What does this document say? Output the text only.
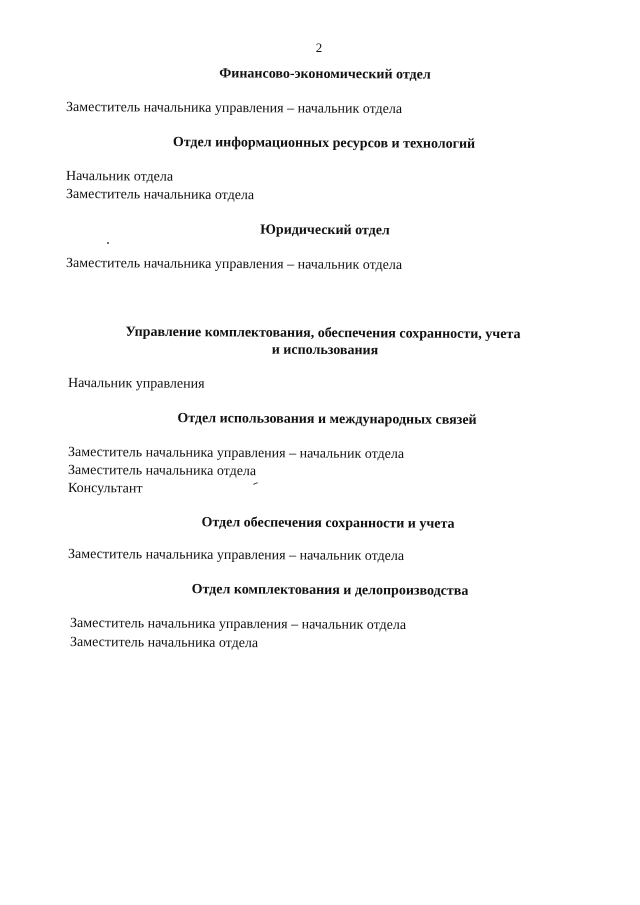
2
Финансово-экономический отдел
Заместитель начальника управления – начальник отдела
Отдел информационных ресурсов и технологий
Начальник отдела
Заместитель начальника отдела
Юридический отдел
Заместитель начальника управления – начальник отдела
Управление комплектования, обеспечения сохранности, учета
и использования
Начальник управления
Отдел использования и международных связей
Заместитель начальника управления – начальник отдела
Заместитель начальника отдела
Консультант
Отдел обеспечения сохранности и учета
Заместитель начальника управления – начальник отдела
Отдел комплектования и делопроизводства
Заместитель начальника управления – начальник отдела
Заместитель начальника отдела
